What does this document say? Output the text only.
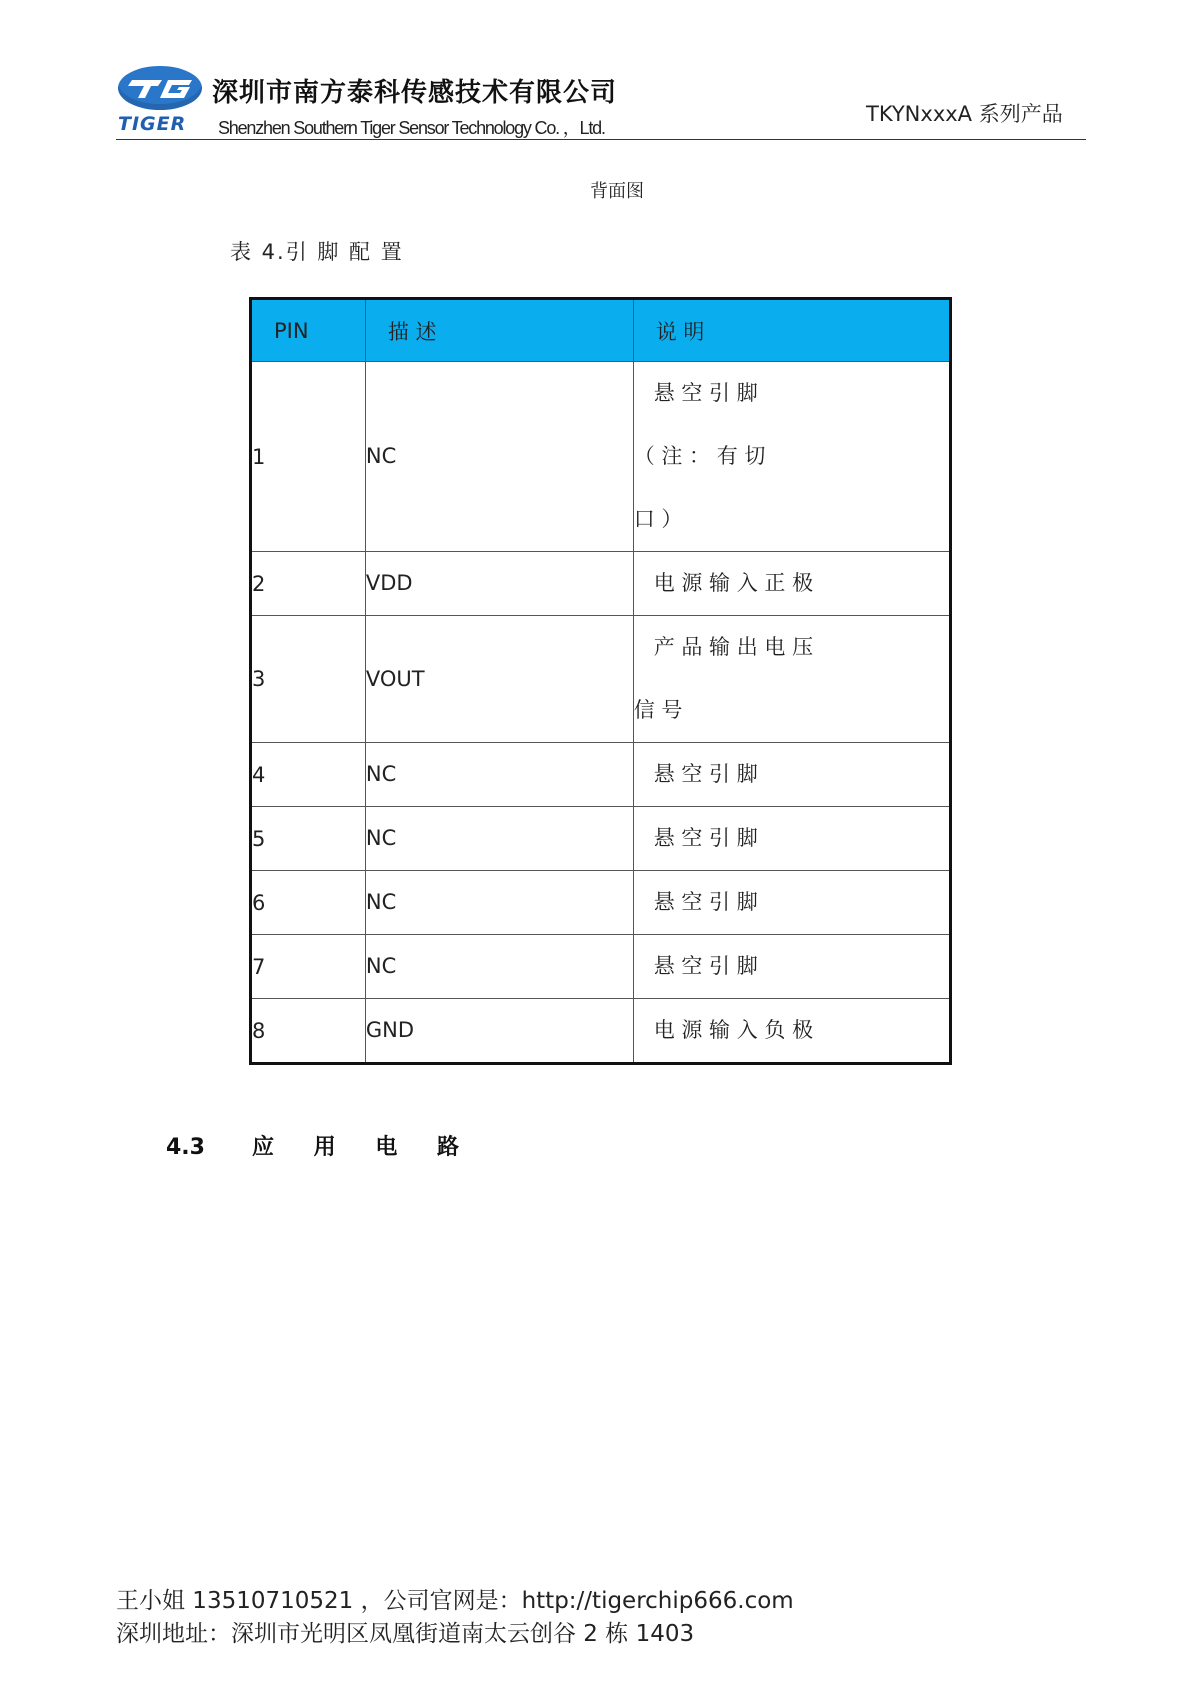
TIGER
深圳市南方泰科传感技术有限公司
Shenzhen Southern Tiger Sensor Technology Co. ，Ltd.
TKYNxxxA 系列产品
背面图
表 4.引 脚 配 置
PIN	描 述	说 明
1	NC	悬 空 引 脚
（ 注 ： 有 切
口 ）

2	VDD	电 源 输 入 正 极

3	VOUT	产 品 输 出 电 压
信 号

4	NC	悬 空 引 脚

5	NC	悬 空 引 脚

6	NC	悬 空 引 脚

7	NC	悬 空 引 脚

8	GND	电 源 输 入 负 极
4.3 应 用 电 路
王小姐 13510710521 ，公司官网是：http://tigerchip666.com
深圳地址：深圳市光明区凤凰街道南太云创谷 2 栋 1403
